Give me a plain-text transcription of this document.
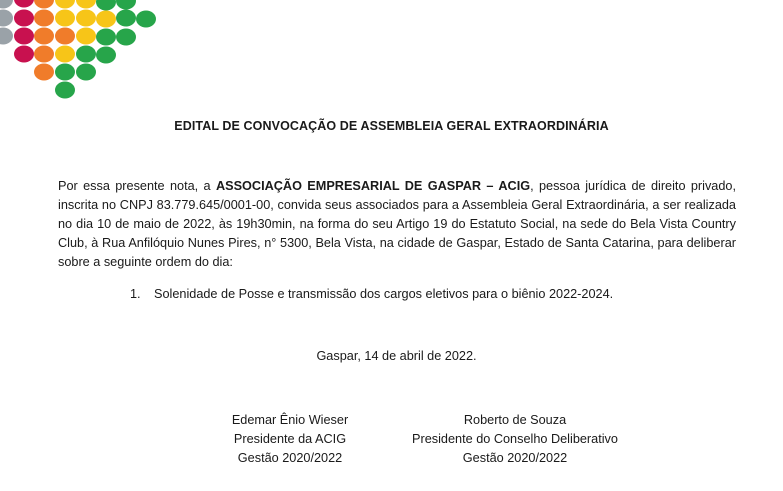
EDITAL DE CONVOCAÇÃO DE ASSEMBLEIA GERAL EXTRAORDINÁRIA

Por essa presente nota, a ASSOCIAÇÃO EMPRESARIAL DE GASPAR – ACIG, pessoa jurídica de direito privado, inscrita no CNPJ 83.779.645/0001-00, convida seus associados para a Assembleia Geral Extraordinária, a ser realizada no dia 10 de maio de 2022, às 19h30min, na forma do seu Artigo 19 do Estatuto Social, na sede do Bela Vista Country Club, à Rua Anfilóquio Nunes Pires, n° 5300, Bela Vista, na cidade de Gaspar, Estado de Santa Catarina, para deliberar sobre a seguinte ordem do dia:

1. Solenidade de Posse e transmissão dos cargos eletivos para o biênio 2022-2024.
Gaspar, 14 de abril de 2022.
Edemar Ênio Wieser
Presidente da ACIG
Gestão 2020/2022
Roberto de Souza
Presidente do Conselho Deliberativo
Gestão 2020/2022
